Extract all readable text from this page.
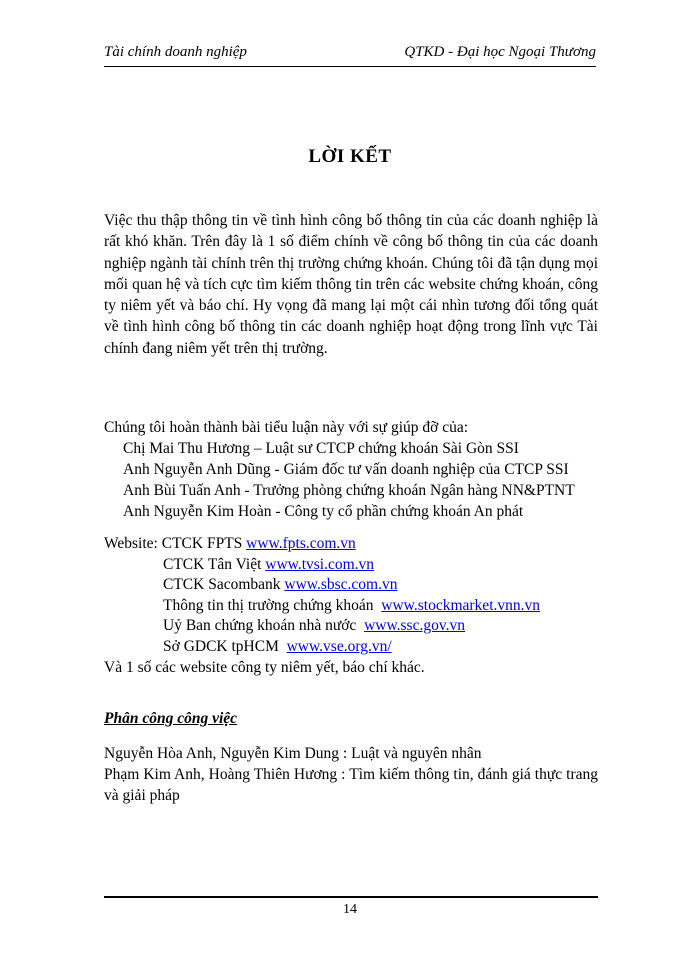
Tài chính doanh nghiệp	QTKD - Đại học Ngoại Thương
LỜI KẾT
Việc thu thập thông tin về tình hình công bố thông tin của các doanh nghiệp là rất khó khăn. Trên đây là 1 số điểm chính về công bố thông tin của các doanh nghiệp ngành tài chính trên thị trường chứng khoán. Chúng tôi đã tận dụng mọi mối quan hệ và tích cực tìm kiếm thông tin trên các website chứng khoán, công ty niêm yết và báo chí. Hy vọng đã mang lại một cái nhìn tương đối tổng quát về tình hình công bố thông tin các doanh nghiệp hoạt động trong lĩnh vực Tài chính đang niêm yết trên thị trường.
Chúng tôi hoàn thành bài tiểu luận này với sự giúp đỡ của:
Chị Mai Thu Hương – Luật sư CTCP chứng khoán Sài Gòn SSI
Anh Nguyễn Anh Dũng - Giám đốc tư vấn doanh nghiệp của CTCP SSI
Anh Bùi Tuấn Anh - Trưởng phòng chứng khoán Ngân hàng NN&PTNT
Anh Nguyễn Kim Hoàn - Công ty cổ phần chứng khoán An phát
Website: CTCK FPTS www.fpts.com.vn
CTCK Tân Việt www.tvsi.com.vn
CTCK Sacombank www.sbsc.com.vn
Thông tin thị trường chứng khoán www.stockmarket.vnn.vn
Uỷ Ban chứng khoán nhà nước www.ssc.gov.vn
Sở GDCK tpHCM www.vse.org.vn/
Và 1 số các website công ty niêm yết, báo chí khác.
Phân công công việc
Nguyễn Hòa Anh, Nguyễn Kim Dung : Luật và nguyên nhân
Phạm Kim Anh, Hoàng Thiên Hương : Tìm kiếm thông tin, đánh giá thực trang và giải pháp
14
